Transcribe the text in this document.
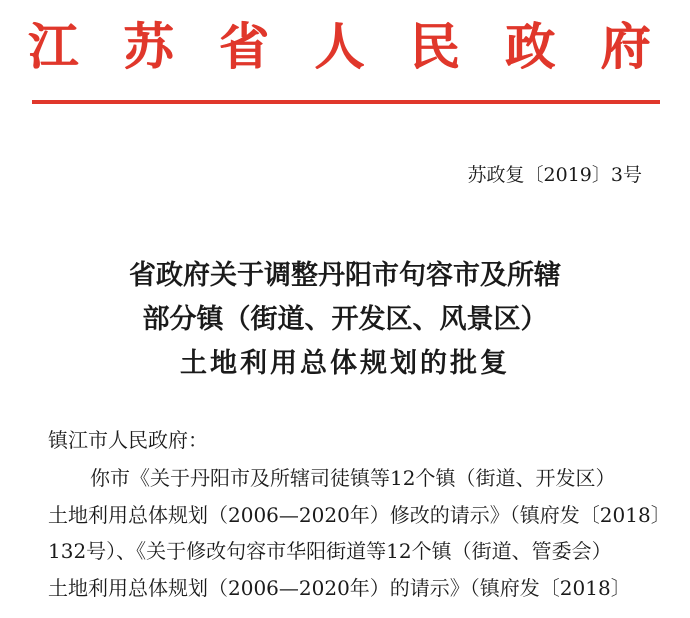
江 苏 省 人 民 政 府
苏政复〔2019〕3号
省政府关于调整丹阳市句容市及所辖
部分镇（街道、开发区、风景区）
土地利用总体规划的批复
镇江市人民政府：
你市《关于丹阳市及所辖司徒镇等12个镇（街道、开发区）
土地利用总体规划（2006—2020年）修改的请示》（镇府发〔2018〕
132号）、《关于修改句容市华阳街道等12个镇（街道、管委会）
土地利用总体规划（2006—2020年）的请示》（镇府发〔2018〕
